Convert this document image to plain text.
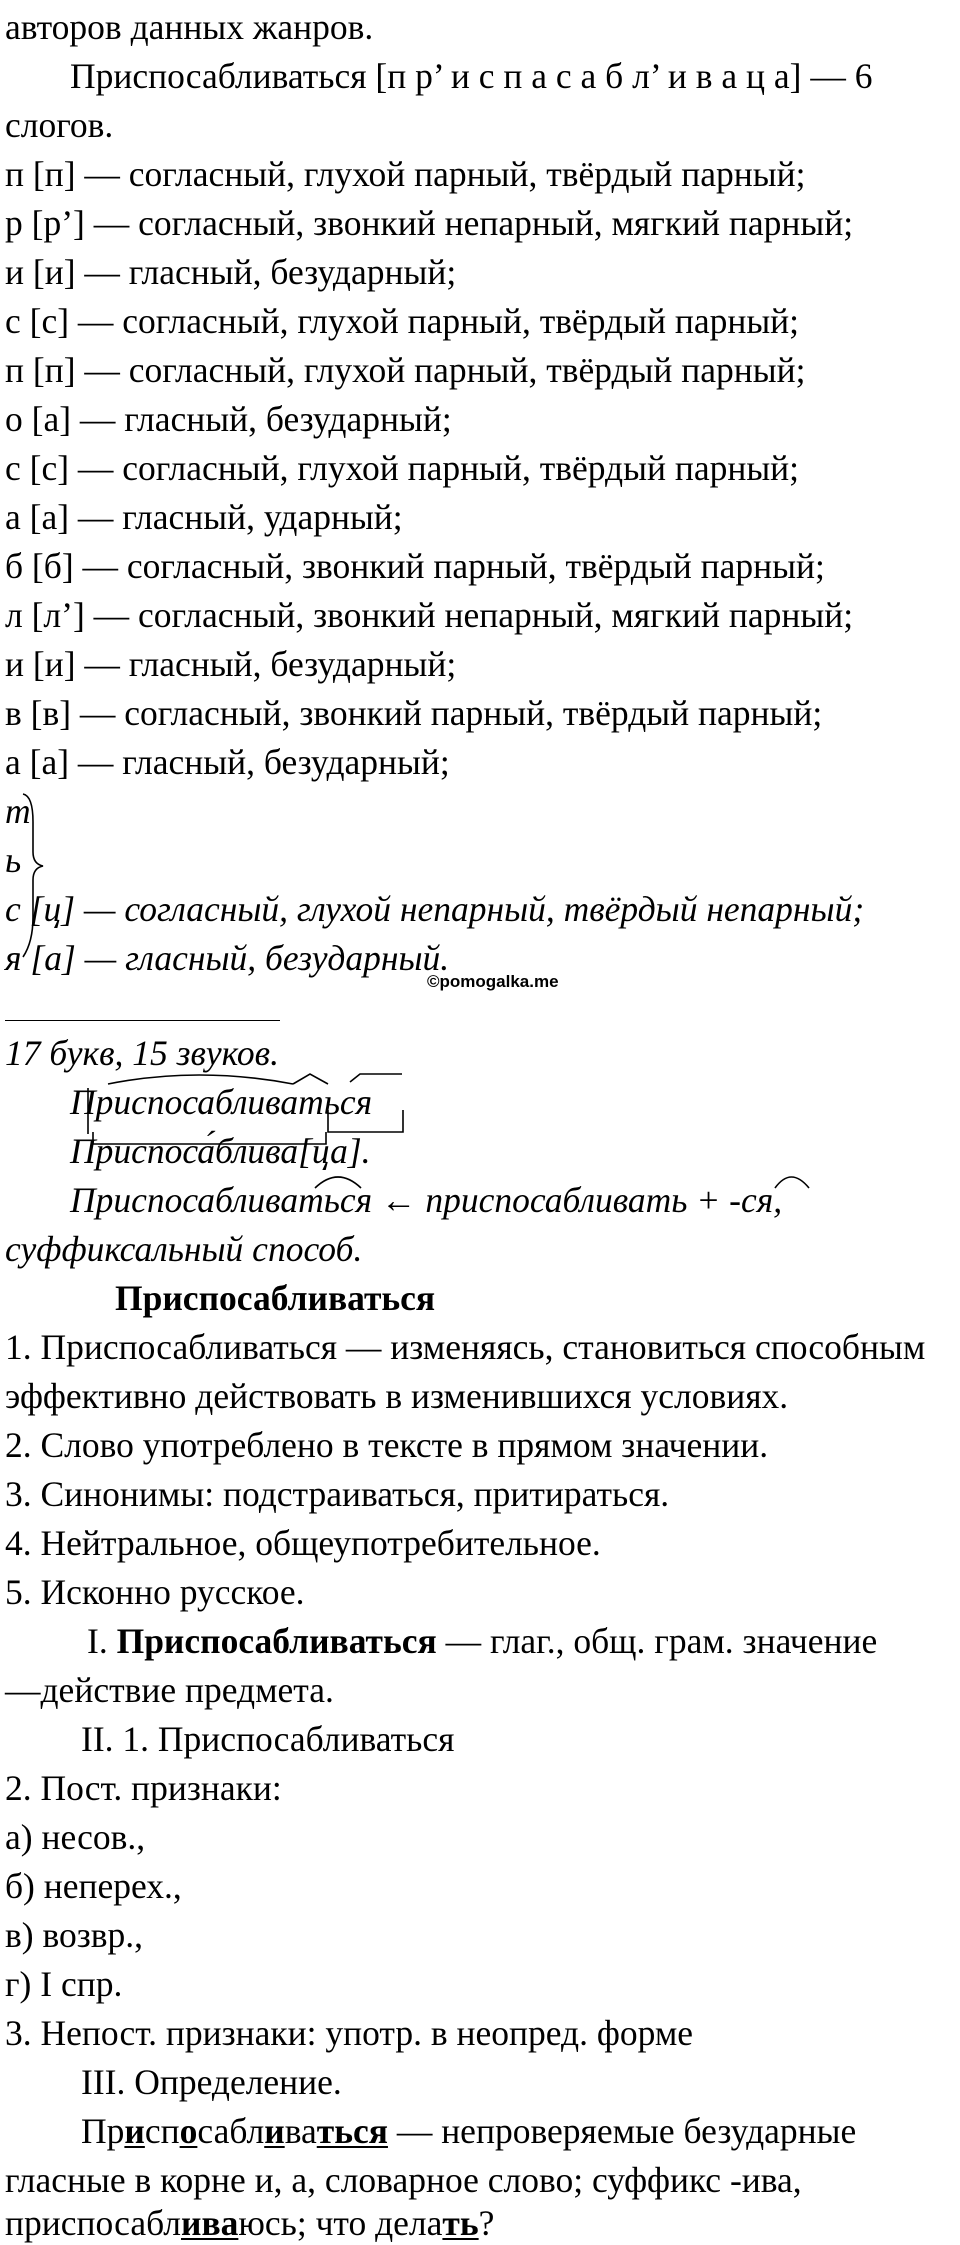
авторов данных жанров.
Приспосабливаться [п р’ и с п а с а б л’ и в а ц а] — 6
слогов.
п [п] — согласный, глухой парный, твёрдый парный;
р [р’] — согласный, звонкий непарный, мягкий парный;
и [и] — гласный, безударный;
с [с] — согласный, глухой парный, твёрдый парный;
п [п] — согласный, глухой парный, твёрдый парный;
о [а] — гласный, безударный;
с [с] — согласный, глухой парный, твёрдый парный;
а [а] — гласный, ударный;
б [б] — согласный, звонкий парный, твёрдый парный;
л [л’] — согласный, звонкий непарный, мягкий парный;
и [и] — гласный, безударный;
в [в] — согласный, звонкий парный, твёрдый парный;
а [а] — гласный, безударный;
т
ь
с [ц] — согласный, глухой непарный, твёрдый непарный;
я [а] — гласный, безударный.
©pomogalka.me
17 букв, 15 звуков.
Приспосабливаться
Приспоса́блива[ца].
Приспосабливаться ← приспосабливать + -ся,
суффиксальный способ.
Приспосабливаться
1. Приспосабливаться — изменяясь, становиться способным
эффективно действовать в изменившихся условиях.
2. Слово употреблено в тексте в прямом значении.
3. Синонимы: подстраиваться, притираться.
4. Нейтральное, общеупотребительное.
5. Исконно русское.
I. Приспосабливаться — глаг., общ. грам. значение
—действие предмета.
II. 1. Приспосабливаться
2. Пост. признаки:
а) несов.,
б) неперех.,
в) возвр.,
г) I спр.
3. Непост. признаки: употр. в неопред. форме
III. Определение.
Приспосабливаться — непроверяемые безударные
гласные в корне и, а, словарное слово; суффикс -ива,
приспосабливаюсь; что делать?
